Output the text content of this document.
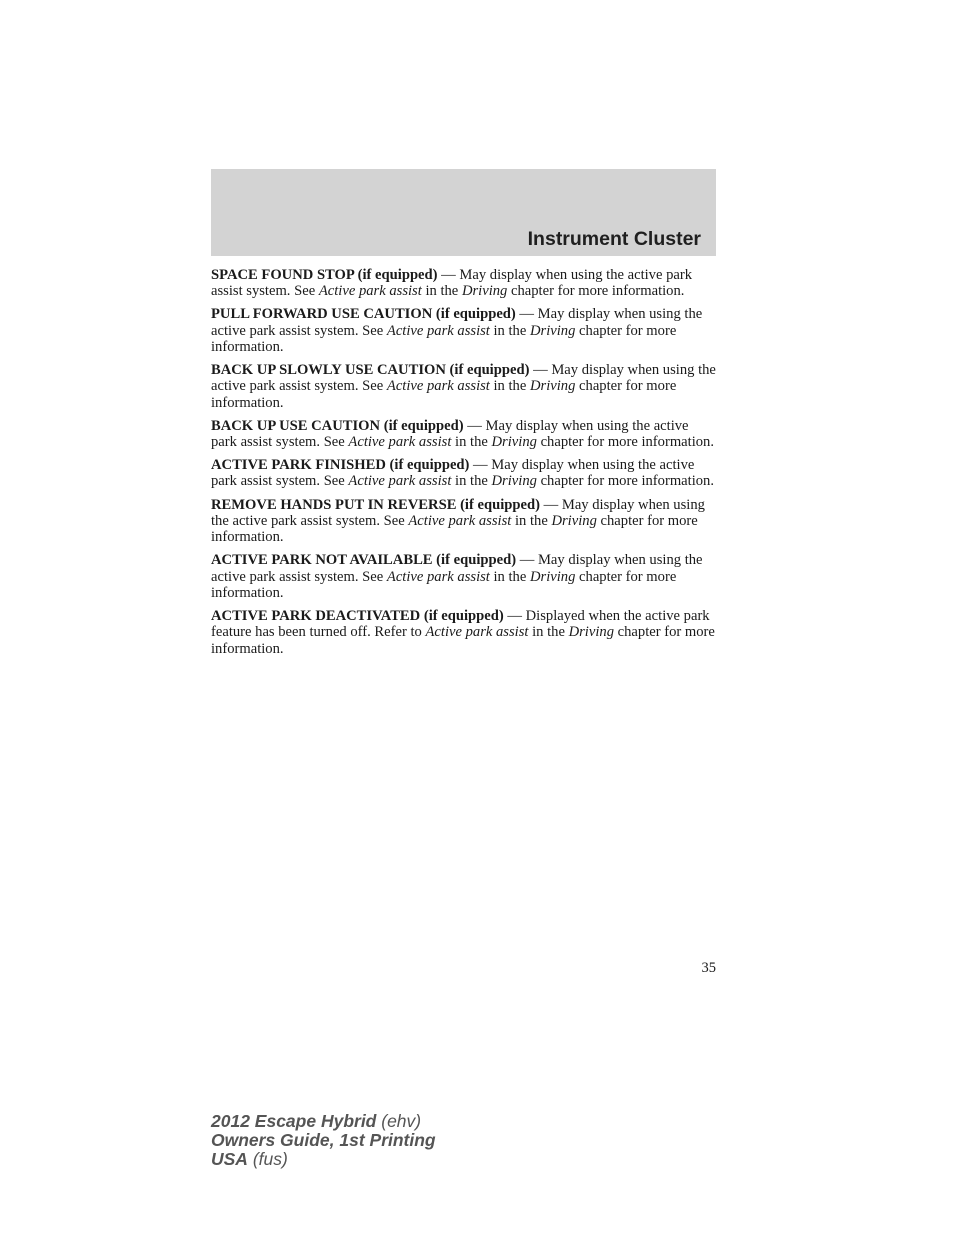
Instrument Cluster

SPACE FOUND STOP (if equipped) — May display when using the active park assist system. See Active park assist in the Driving chapter for more information.

PULL FORWARD USE CAUTION (if equipped) — May display when using the active park assist system. See Active park assist in the Driving chapter for more information.

BACK UP SLOWLY USE CAUTION (if equipped) — May display when using the active park assist system. See Active park assist in the Driving chapter for more information.

BACK UP USE CAUTION (if equipped) — May display when using the active park assist system. See Active park assist in the Driving chapter for more information.

ACTIVE PARK FINISHED (if equipped) — May display when using the active park assist system. See Active park assist in the Driving chapter for more information.

REMOVE HANDS PUT IN REVERSE (if equipped) — May display when using the active park assist system. See Active park assist in the Driving chapter for more information.

ACTIVE PARK NOT AVAILABLE (if equipped) — May display when using the active park assist system. See Active park assist in the Driving chapter for more information.

ACTIVE PARK DEACTIVATED (if equipped) — Displayed when the active park feature has been turned off. Refer to Active park assist in the Driving chapter for more information.

35
2012 Escape Hybrid (ehv)
Owners Guide, 1st Printing
USA (fus)
